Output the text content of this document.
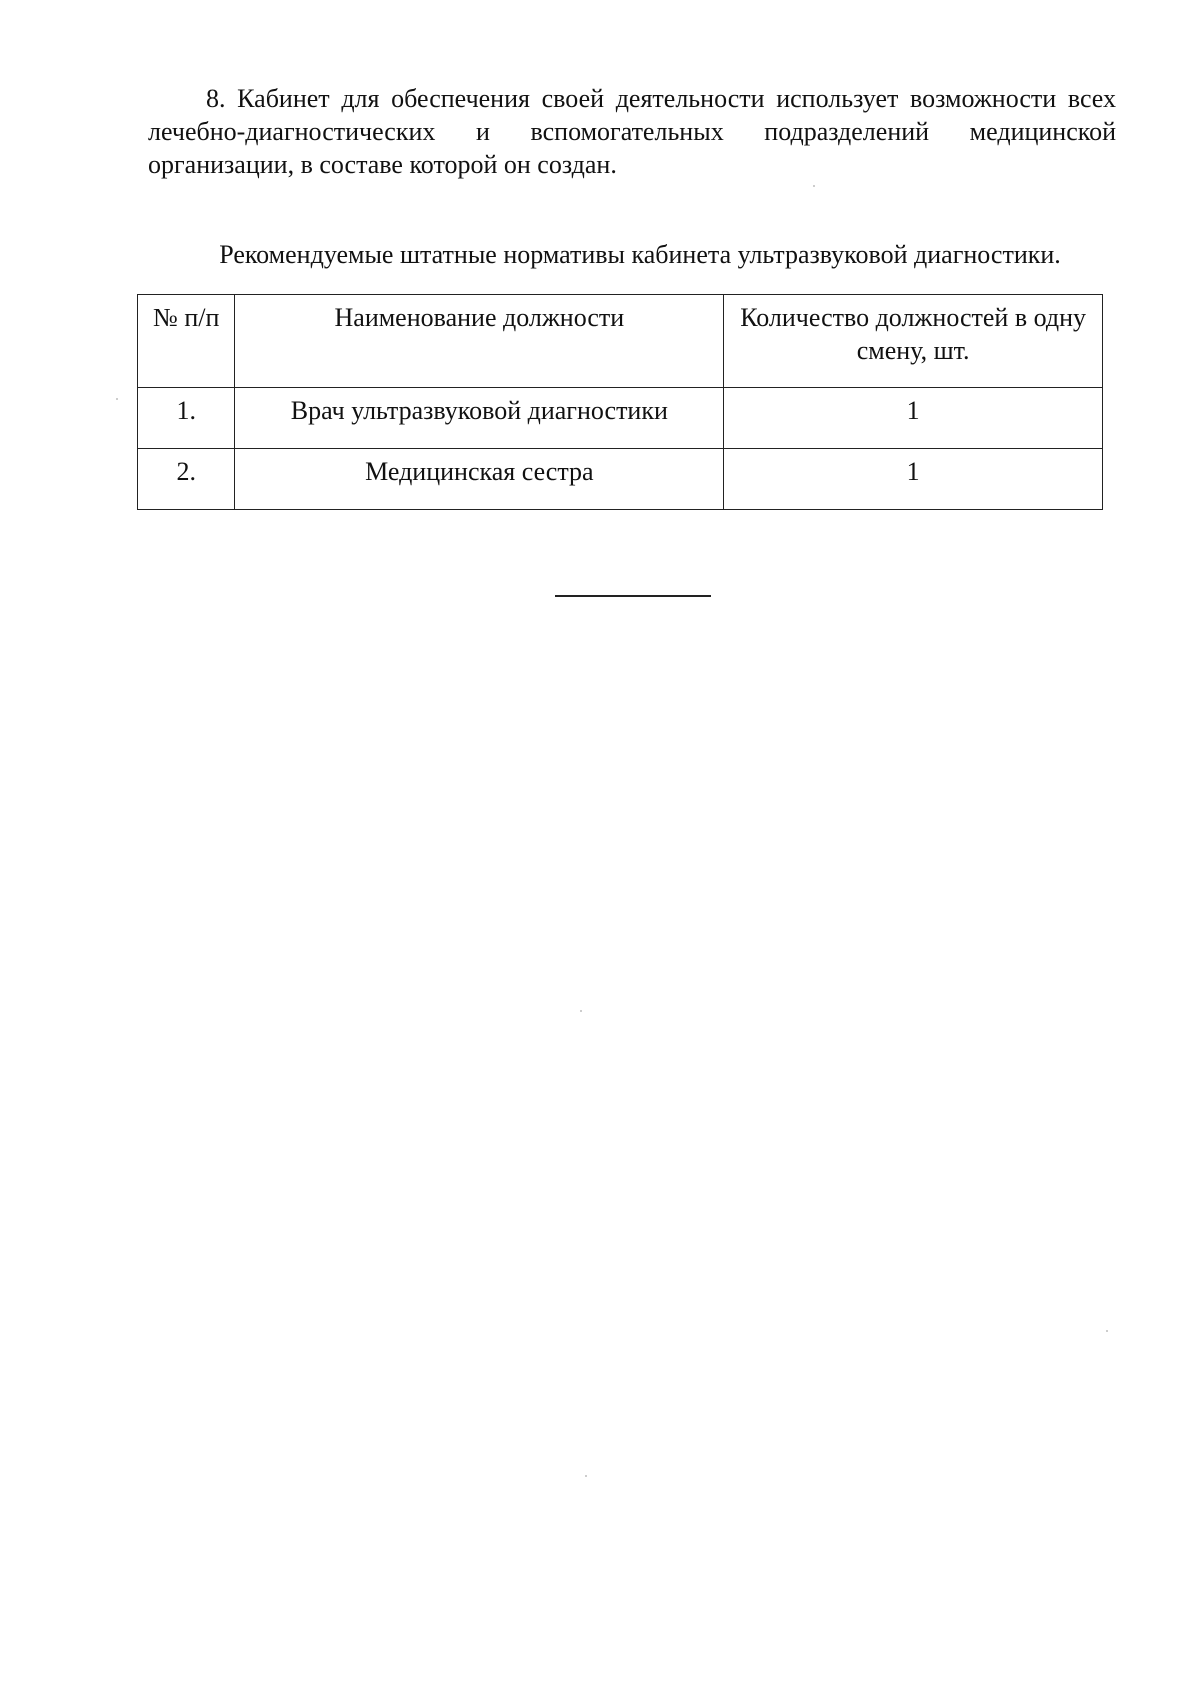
8. Кабинет для обеспечения своей деятельности использует возможности всех лечебно-диагностических и вспомогательных подразделений медицинской организации, в составе которой он создан.

Рекомендуемые штатные нормативы кабинета ультразвуковой диагностики.

№ п/п	Наименование должности	Количество должностей в одну смену, шт.
1.	Врач ультразвуковой диагностики	1
2.	Медицинская сестра	1
